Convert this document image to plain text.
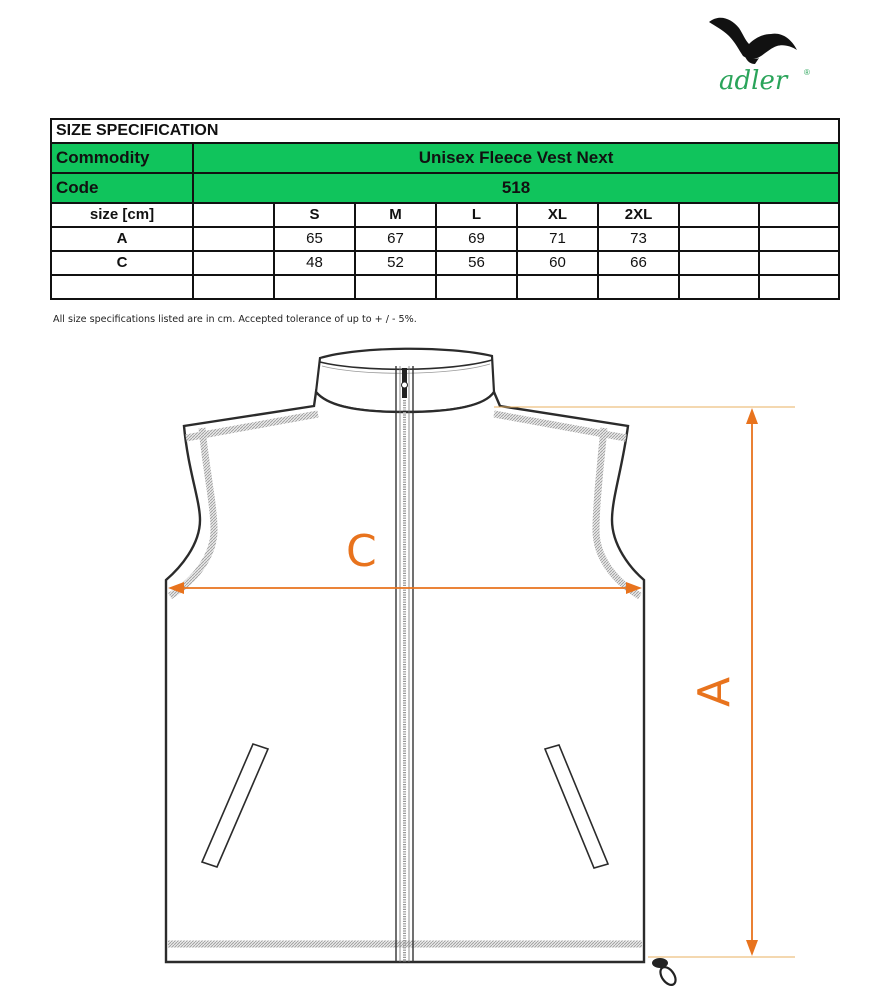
adler ®
SIZE SPECIFICATION								
Commodity	Unisex Fleece Vest Next							
Code	518							
size [cm]		S	M	L	XL	2XL		
A		65	67	69	71	73		
C		48	52	56	60	66		

All size specifications listed are in cm. Accepted tolerance of up to + / - 5%.
C
A
